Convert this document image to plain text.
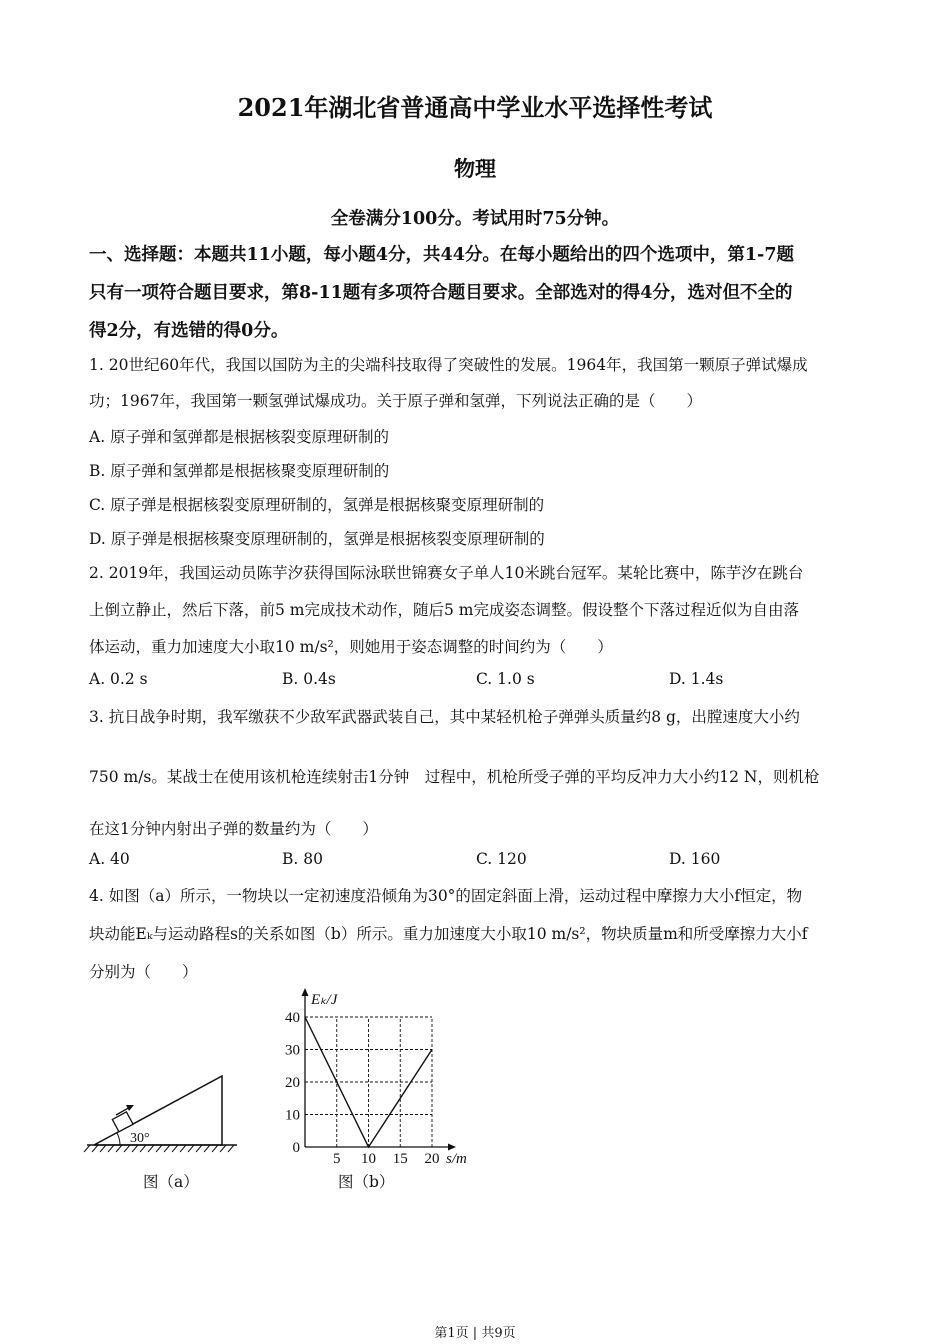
2021年湖北省普通高中学业水平选择性考试
物理
全卷满分100分。考试用时75分钟。
一、选择题：本题共11小题，每小题4分，共44分。在每小题给出的四个选项中，第1-7题
只有一项符合题目要求，第8-11题有多项符合题目要求。全部选对的得4分，选对但不全的
得2分，有选错的得0分。
1. 20世纪60年代，我国以国防为主的尖端科技取得了突破性的发展。1964年，我国第一颗原子弹试爆成
功；1967年，我国第一颗氢弹试爆成功。关于原子弹和氢弹，下列说法正确的是（　　）
A. 原子弹和氢弹都是根据核裂变原理研制的
B. 原子弹和氢弹都是根据核聚变原理研制的
C. 原子弹是根据核裂变原理研制的，氢弹是根据核聚变原理研制的
D. 原子弹是根据核聚变原理研制的，氢弹是根据核裂变原理研制的
2. 2019年，我国运动员陈芋汐获得国际泳联世锦赛女子单人10米跳台冠军。某轮比赛中，陈芋汐在跳台
上倒立静止，然后下落，前5 m完成技术动作，随后5 m完成姿态调整。假设整个下落过程近似为自由落
体运动，重力加速度大小取10 m/s²，则她用于姿态调整的时间约为（　　）
A. 0.2 s	B. 0.4s	C. 1.0 s	D. 1.4s
3. 抗日战争时期，我军缴获不少敌军武器武装自己，其中某轻机枪子弹弹头质量约8 g，出膛速度大小约
750 m/s。某战士在使用该机枪连续射击1分钟　过程中，机枪所受子弹的平均反冲力大小约12 N，则机枪
在这1分钟内射出子弹的数量约为（　　）
A. 40	B. 80	C. 120	D. 160
4. 如图（a）所示，一物块以一定初速度沿倾角为30°的固定斜面上滑，运动过程中摩擦力大小f恒定，物
块动能Eₖ与运动路程s的关系如图（b）所示。重力加速度大小取10 m/s²，物块质量m和所受摩擦力大小f
分别为（　　）
30°
图（a）
5 10 15 20
0
10
20
30
40
Eₖ/J
s/m
图（b）
第1页 | 共9页
